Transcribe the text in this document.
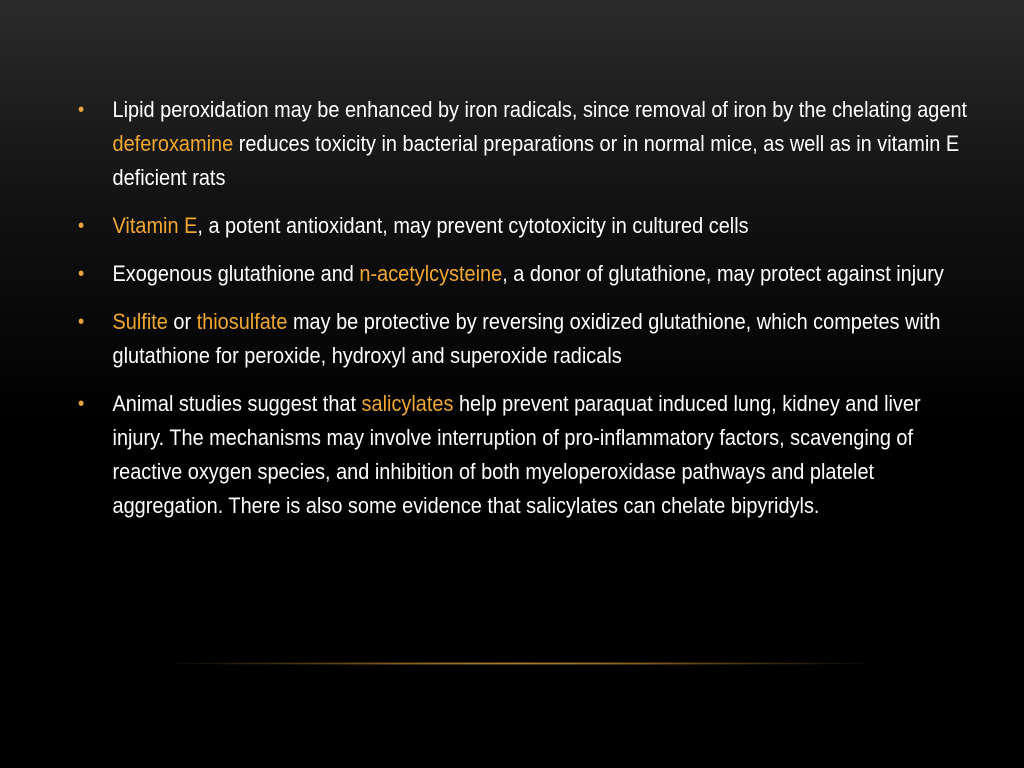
• Lipid peroxidation may be enhanced by iron radicals, since removal of iron by the chelating agent deferoxamine reduces toxicity in bacterial preparations or in normal mice, as well as in vitamin E deficient rats
• Vitamin E, a potent antioxidant, may prevent cytotoxicity in cultured cells
• Exogenous glutathione and n-acetylcysteine, a donor of glutathione, may protect against injury
• Sulfite or thiosulfate may be protective by reversing oxidized glutathione, which competes with glutathione for peroxide, hydroxyl and superoxide radicals
• Animal studies suggest that salicylates help prevent paraquat induced lung, kidney and liver injury. The mechanisms may involve interruption of pro-inflammatory factors, scavenging of reactive oxygen species, and inhibition of both myeloperoxidase pathways and platelet aggregation. There is also some evidence that salicylates can chelate bipyridyls.
